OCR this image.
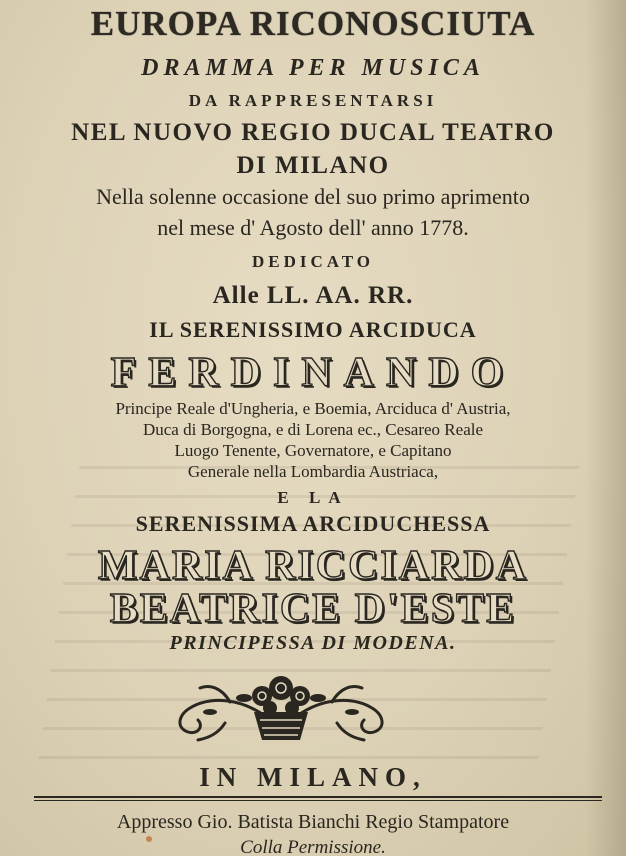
EUROPA RICONOSCIUTA

DRAMMA PER MUSICA

DA RAPPRESENTARSI

NEL NUOVO REGIO DUCAL TEATRO

DI MILANO

Nella solenne occasione del suo primo aprimento

nel mese d' Agosto dell' anno 1778.

DEDICATO

Alle LL. AA. RR.

IL SERENISSIMO ARCIDUCA

FERDINANDO

Principe Reale d'Ungheria, e Boemia, Arciduca d' Austria,

Duca di Borgogna, e di Lorena ec., Cesareo Reale

Luogo Tenente, Governatore, e Capitano

Generale nella Lombardia Austriaca,

E LA

SERENISSIMA ARCIDUCHESSA

MARIA RICCIARDA

BEATRICE D'ESTE

PRINCIPESSA DI MODENA.

IN MILANO,

Appresso Gio. Batista Bianchi Regio Stampatore

Colla Permissione.
